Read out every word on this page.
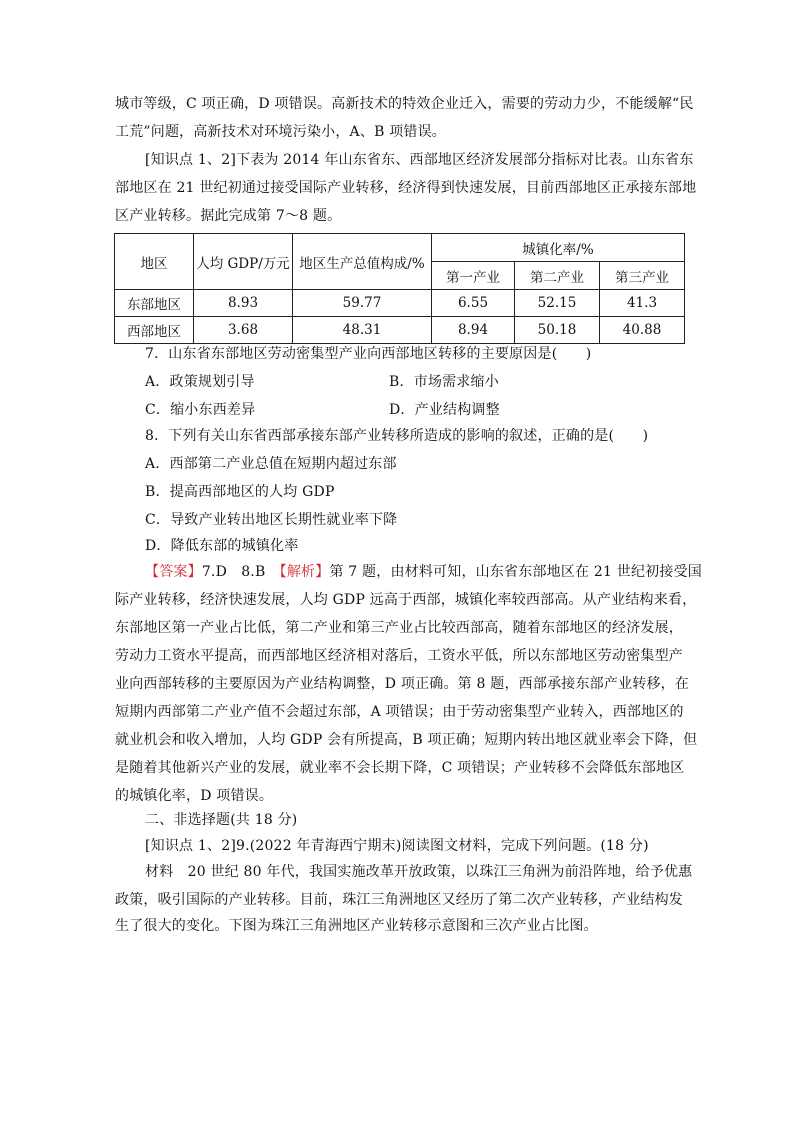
城市等级，C 项正确，D 项错误。高新技术的特效企业迁入，需要的劳动力少，不能缓解“民
工荒”问题，高新技术对环境污染小，A、B 项错误。
[知识点 1、2]下表为 2014 年山东省东、西部地区经济发展部分指标对比表。山东省东
部地区在 21 世纪初通过接受国际产业转移，经济得到快速发展，目前西部地区正承接东部地
区产业转移。据此完成第 7～8 题。
地区	人均 GDP/万元	地区生产总值构成/%	城镇化率/%		
			第一产业	第二产业	第三产业
东部地区	8.93	59.77	6.55	52.15	41.3
西部地区	3.68	48.31	8.94	50.18	40.88
7．山东省东部地区劳动密集型产业向西部地区转移的主要原因是(　　)
A．政策规划引导	B．市场需求缩小
C．缩小东西差异	D．产业结构调整
8．下列有关山东省西部承接东部产业转移所造成的影响的叙述，正确的是(　　)
A．西部第二产业总值在短期内超过东部
B．提高西部地区的人均 GDP
C．导致产业转出地区长期性就业率下降
D．降低东部的城镇化率
【答案】7.D　8.B　【解析】第 7 题，由材料可知，山东省东部地区在 21 世纪初接受国
际产业转移，经济快速发展，人均 GDP 远高于西部，城镇化率较西部高。从产业结构来看，
东部地区第一产业占比低，第二产业和第三产业占比较西部高，随着东部地区的经济发展，
劳动力工资水平提高，而西部地区经济相对落后，工资水平低，所以东部地区劳动密集型产
业向西部转移的主要原因为产业结构调整，D 项正确。第 8 题，西部承接东部产业转移，在
短期内西部第二产业产值不会超过东部，A 项错误；由于劳动密集型产业转入，西部地区的
就业机会和收入增加，人均 GDP 会有所提高，B 项正确；短期内转出地区就业率会下降，但
是随着其他新兴产业的发展，就业率不会长期下降，C 项错误；产业转移不会降低东部地区
的城镇化率，D 项错误。
二、非选择题(共 18 分)
[知识点 1、2]9.(2022 年青海西宁期末)阅读图文材料，完成下列问题。(18 分)
材料　20 世纪 80 年代，我国实施改革开放政策，以珠江三角洲为前沿阵地，给予优惠
政策，吸引国际的产业转移。目前，珠江三角洲地区又经历了第二次产业转移，产业结构发
生了很大的变化。下图为珠江三角洲地区产业转移示意图和三次产业占比图。
